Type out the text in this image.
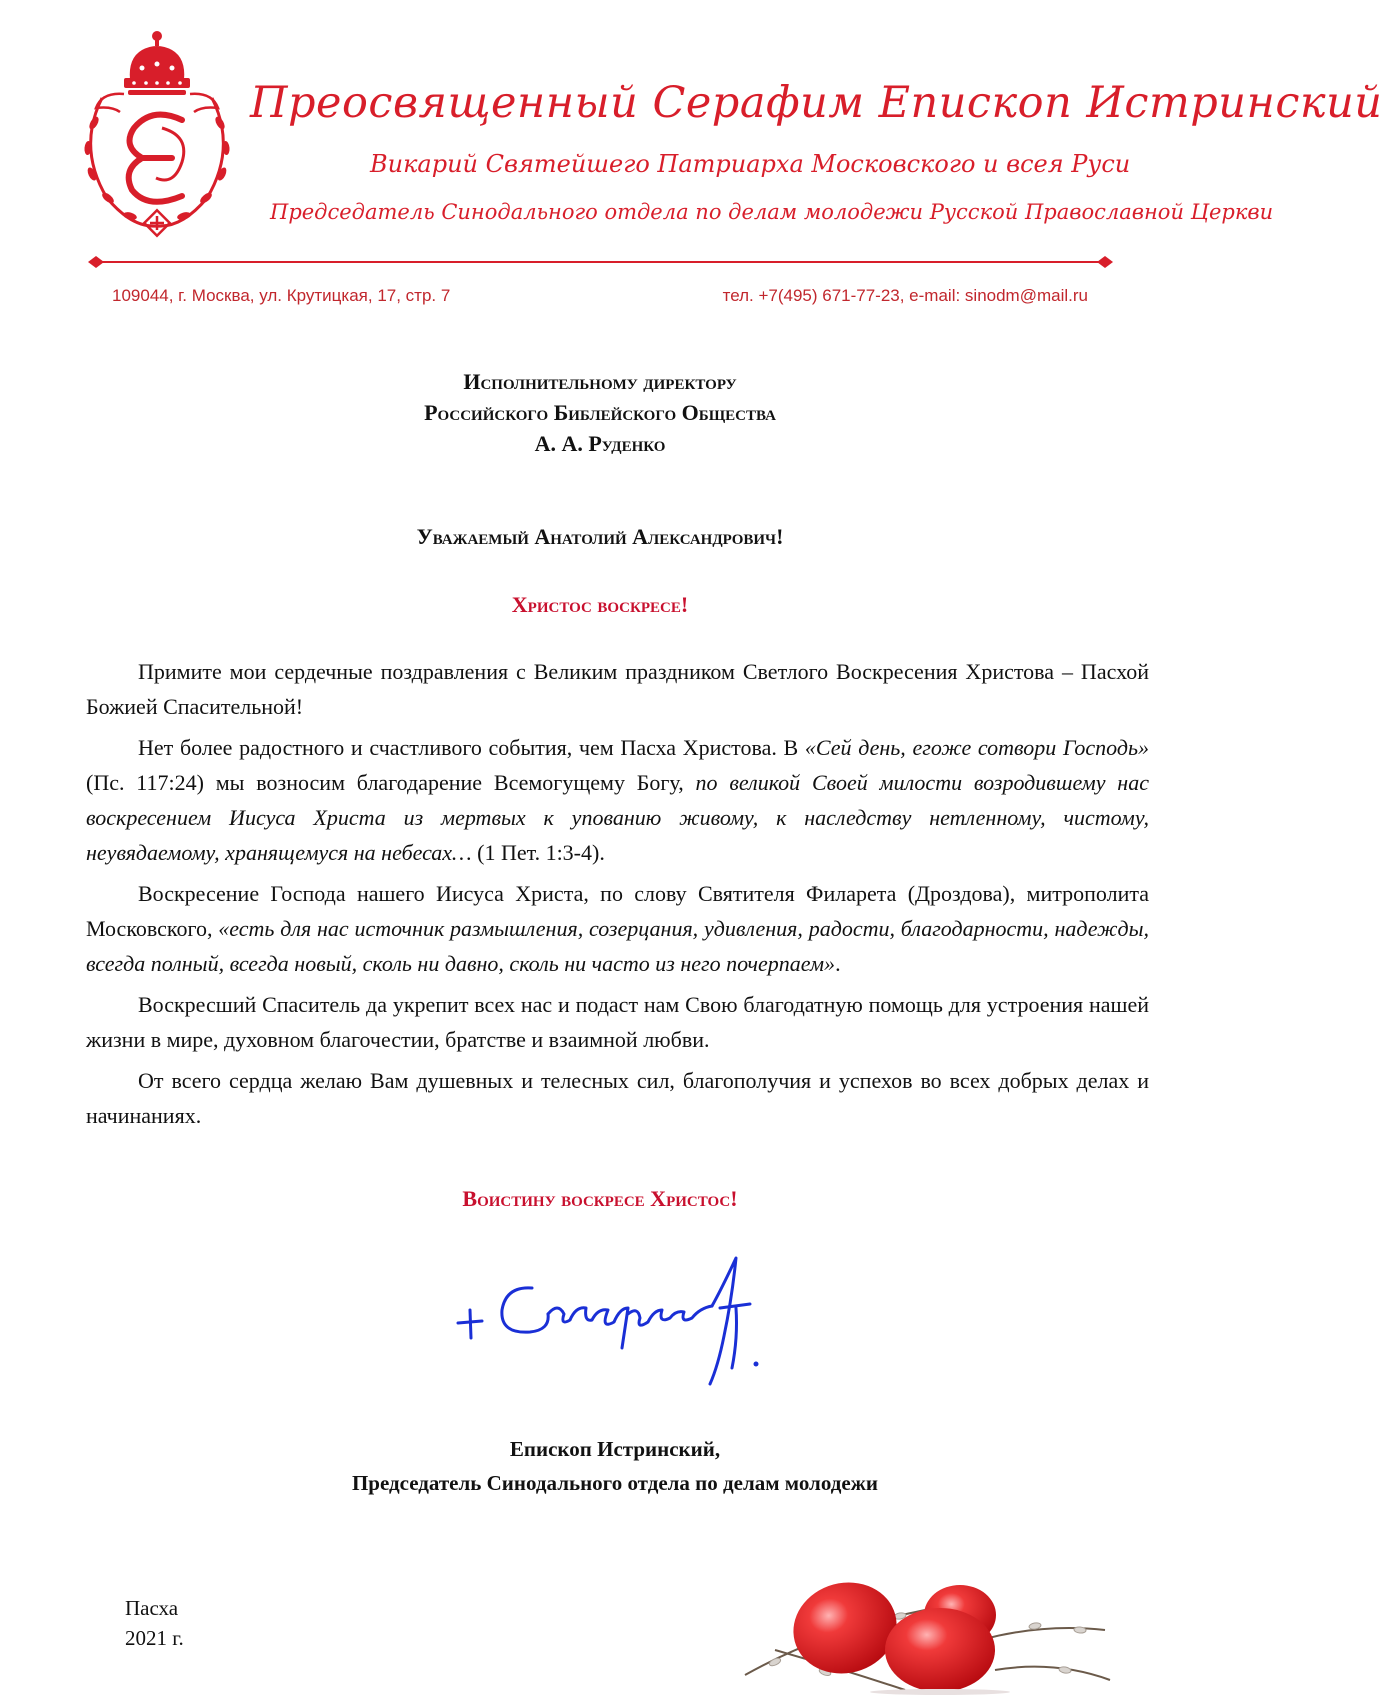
Преосвященный Серафим Епископ Истринский
Викарий Святейшего Патриарха Московского и всея Руси
Председатель Синодального отдела по делам молодежи Русской Православной Церкви
109044, г. Москва, ул. Крутицкая, 17, стр. 7	тел. +7(495) 671-77-23, e-mail: sinodm@mail.ru
Исполнительному директору
Российского Библейского Общества
А. А. Руденко
Уважаемый Анатолий Александрович!
Христос воскресе!

Примите мои сердечные поздравления с Великим праздником Светлого Воскресения Христова – Пасхой Божией Спасительной!

Нет более радостного и счастливого события, чем Пасха Христова. В «Сей день, егоже сотвори Господь» (Пс. 117:24) мы возносим благодарение Всемогущему Богу, по великой Своей милости возродившему нас воскресением Иисуса Христа из мертвых к упованию живому, к наследству нетленному, чистому, неувядаемому, хранящемуся на небесах… (1 Пет. 1:3-4).

Воскресение Господа нашего Иисуса Христа, по слову Святителя Филарета (Дроздова), митрополита Московского, «есть для нас источник размышления, созерцания, удивления, радости, благодарности, надежды, всегда полный, всегда новый, сколь ни давно, сколь ни часто из него почерпаем».

Воскресший Спаситель да укрепит всех нас и подаст нам Свою благодатную помощь для устроения нашей жизни в мире, духовном благочестии, братстве и взаимной любви.

От всего сердца желаю Вам душевных и телесных сил, благополучия и успехов во всех добрых делах и начинаниях.

Воистину воскресе Христос!
Епископ Истринский,
Председатель Синодального отдела по делам молодежи
Пасха
2021 г.
